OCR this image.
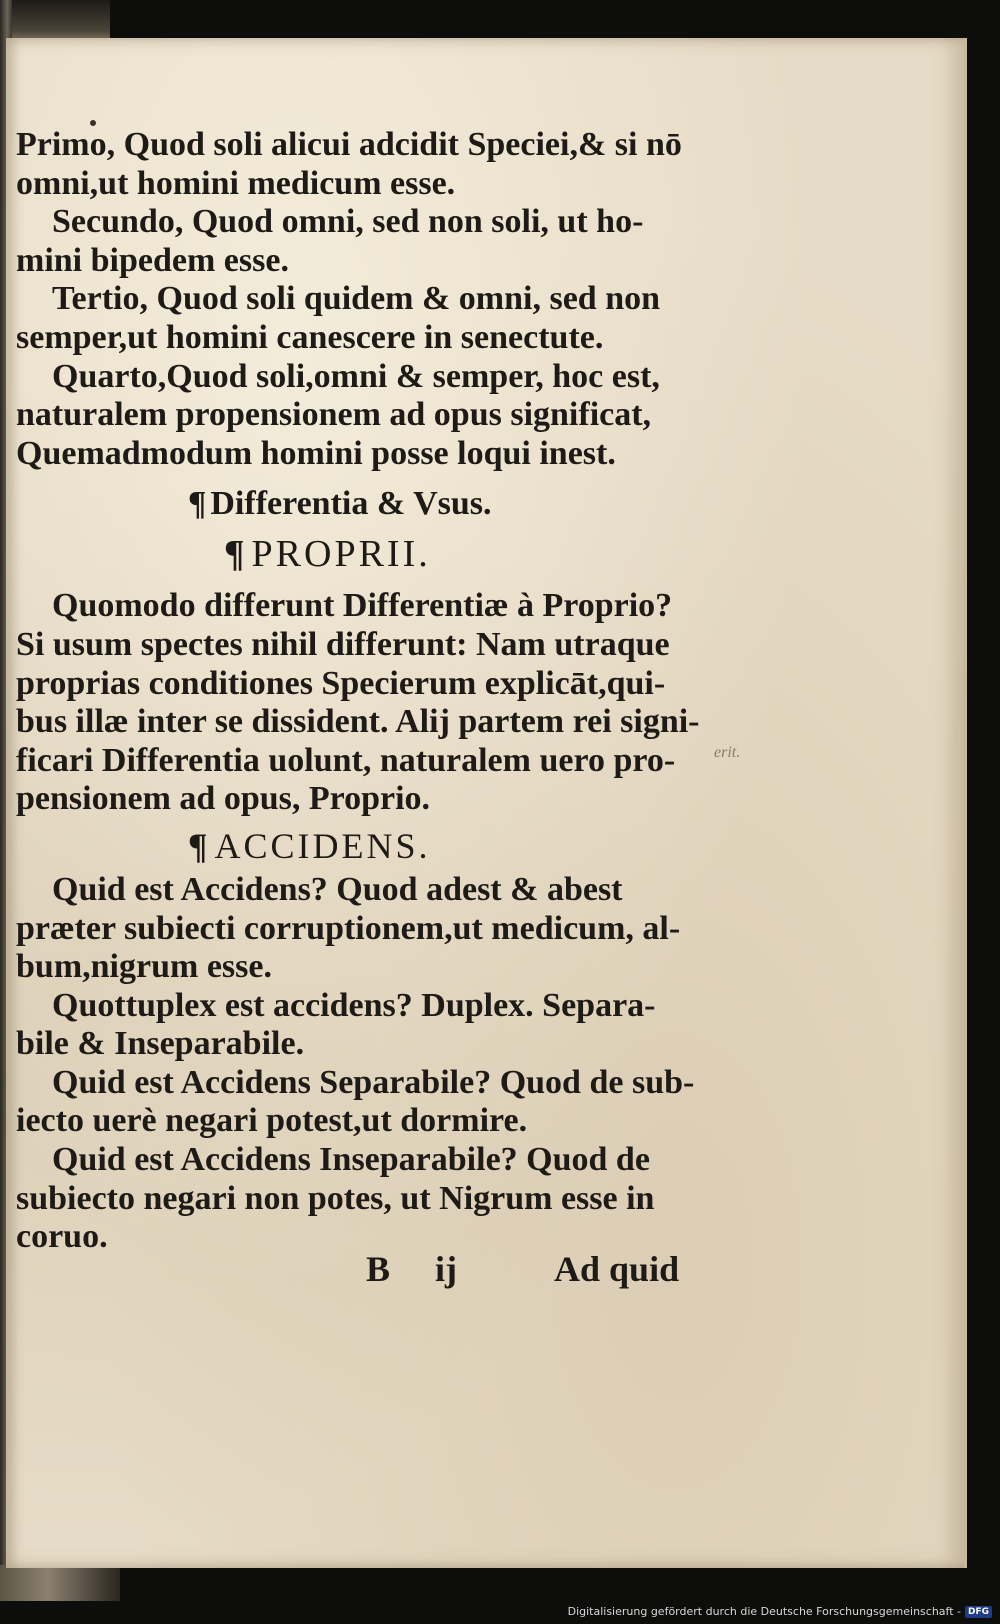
Primo, Quod soli alicui adcidit Speciei,& si nō
omni,ut homini medicum esse.
Secundo, Quod omni, sed non soli, ut ho-
mini bipedem esse.
Tertio, Quod soli quidem & omni, sed non
semper,ut homini canescere in senectute.
Quarto,Quod soli,omni & semper, hoc est,
naturalem propensionem ad opus significat,
Quemadmodum homini posse loqui inest.
¶ Differentia & Vsus.
¶ PROPRII.
Quomodo differunt Differentiæ à Proprio?
Si usum spectes nihil differunt: Nam utraque
proprias conditiones Specierum explicāt,qui-
bus illæ inter se dissident. Alij partem rei signi-
ficari Differentia uolunt, naturalem uero pro-
pensionem ad opus, Proprio.
¶ ACCIDENS.
Quid est Accidens? Quod adest & abest
præter subiecti corruptionem,ut medicum, al-
bum,nigrum esse.
Quottuplex est accidens? Duplex. Separa-
bile & Inseparabile.
Quid est Accidens Separabile? Quod de sub-
iecto uerè negari potest,ut dormire.
Quid est Accidens Inseparabile? Quod de
subiecto negari non potes, ut Nigrum esse in
coruo.
erit.
B ij	Ad quid
Digitalisierung gefördert durch die Deutsche Forschungsgemeinschaft - DFG
